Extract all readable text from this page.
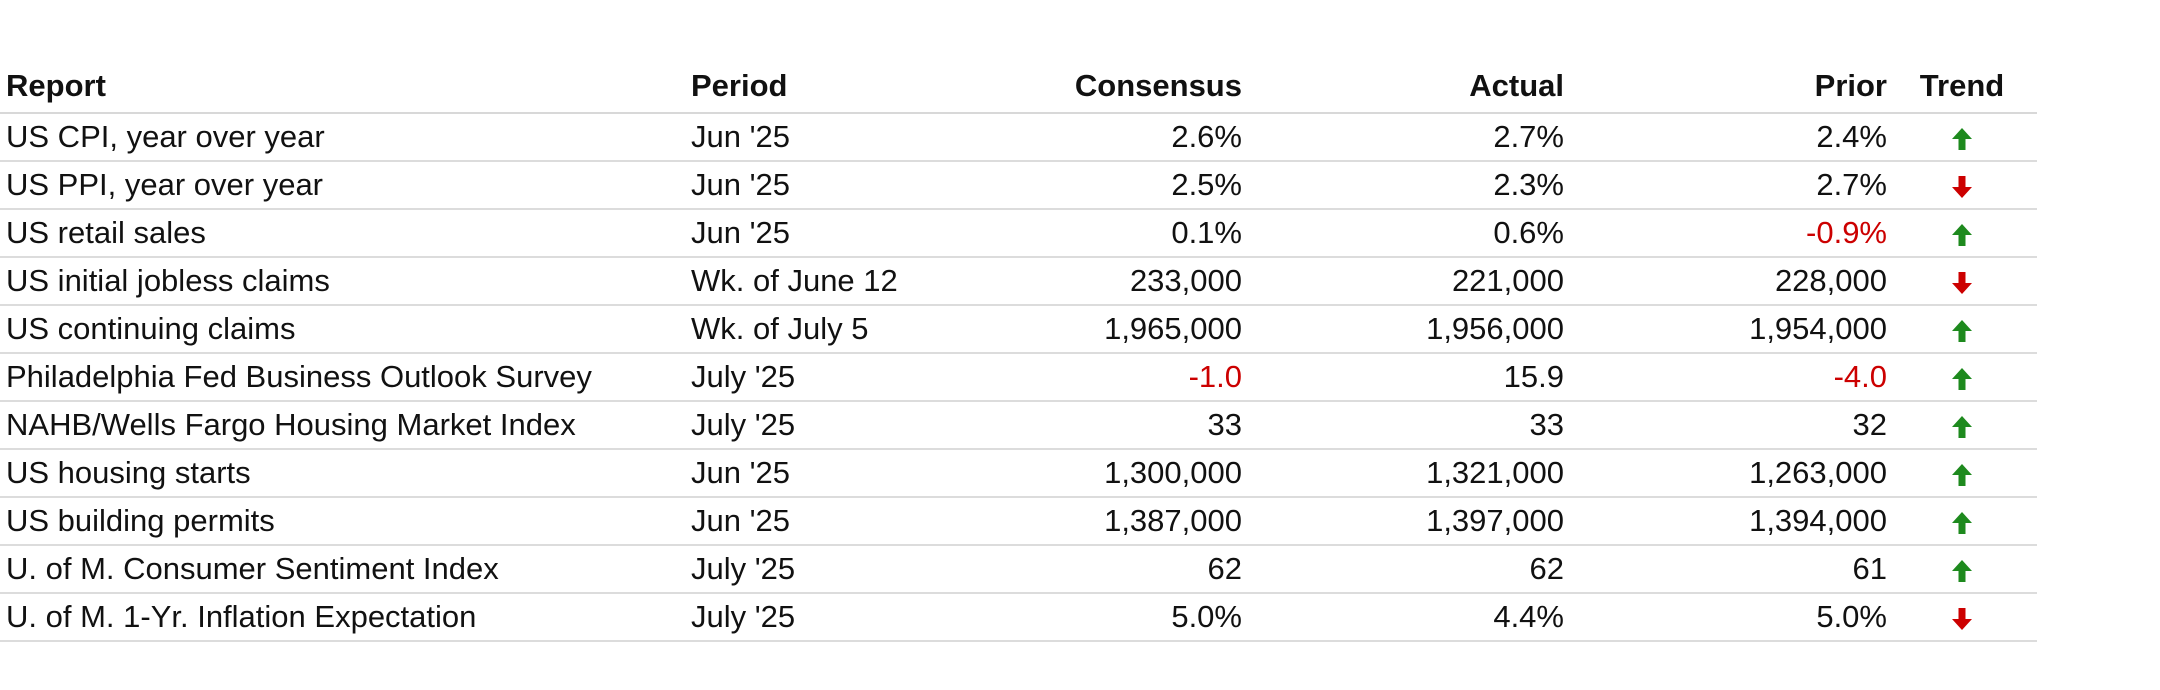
Report	Period	Consensus	Actual	Prior	Trend	
US CPI, year over year	Jun '25	2.6%	2.7%	2.4%		
US PPI, year over year	Jun '25	2.5%	2.3%	2.7%		
US retail sales	Jun '25	0.1%	0.6%	-0.9%		
US initial jobless claims	Wk. of June 12	233,000	221,000	228,000		
US continuing claims	Wk. of July 5	1,965,000	1,956,000	1,954,000		
Philadelphia Fed Business Outlook Survey	July '25	-1.0	15.9	-4.0		
NAHB/Wells Fargo Housing Market Index	July '25	33	33	32		
US housing starts	Jun '25	1,300,000	1,321,000	1,263,000		
US building permits	Jun '25	1,387,000	1,397,000	1,394,000		
U. of M. Consumer Sentiment Index	July '25	62	62	61		
U. of M. 1-Yr. Inflation Expectation	July '25	5.0%	4.4%	5.0%		
